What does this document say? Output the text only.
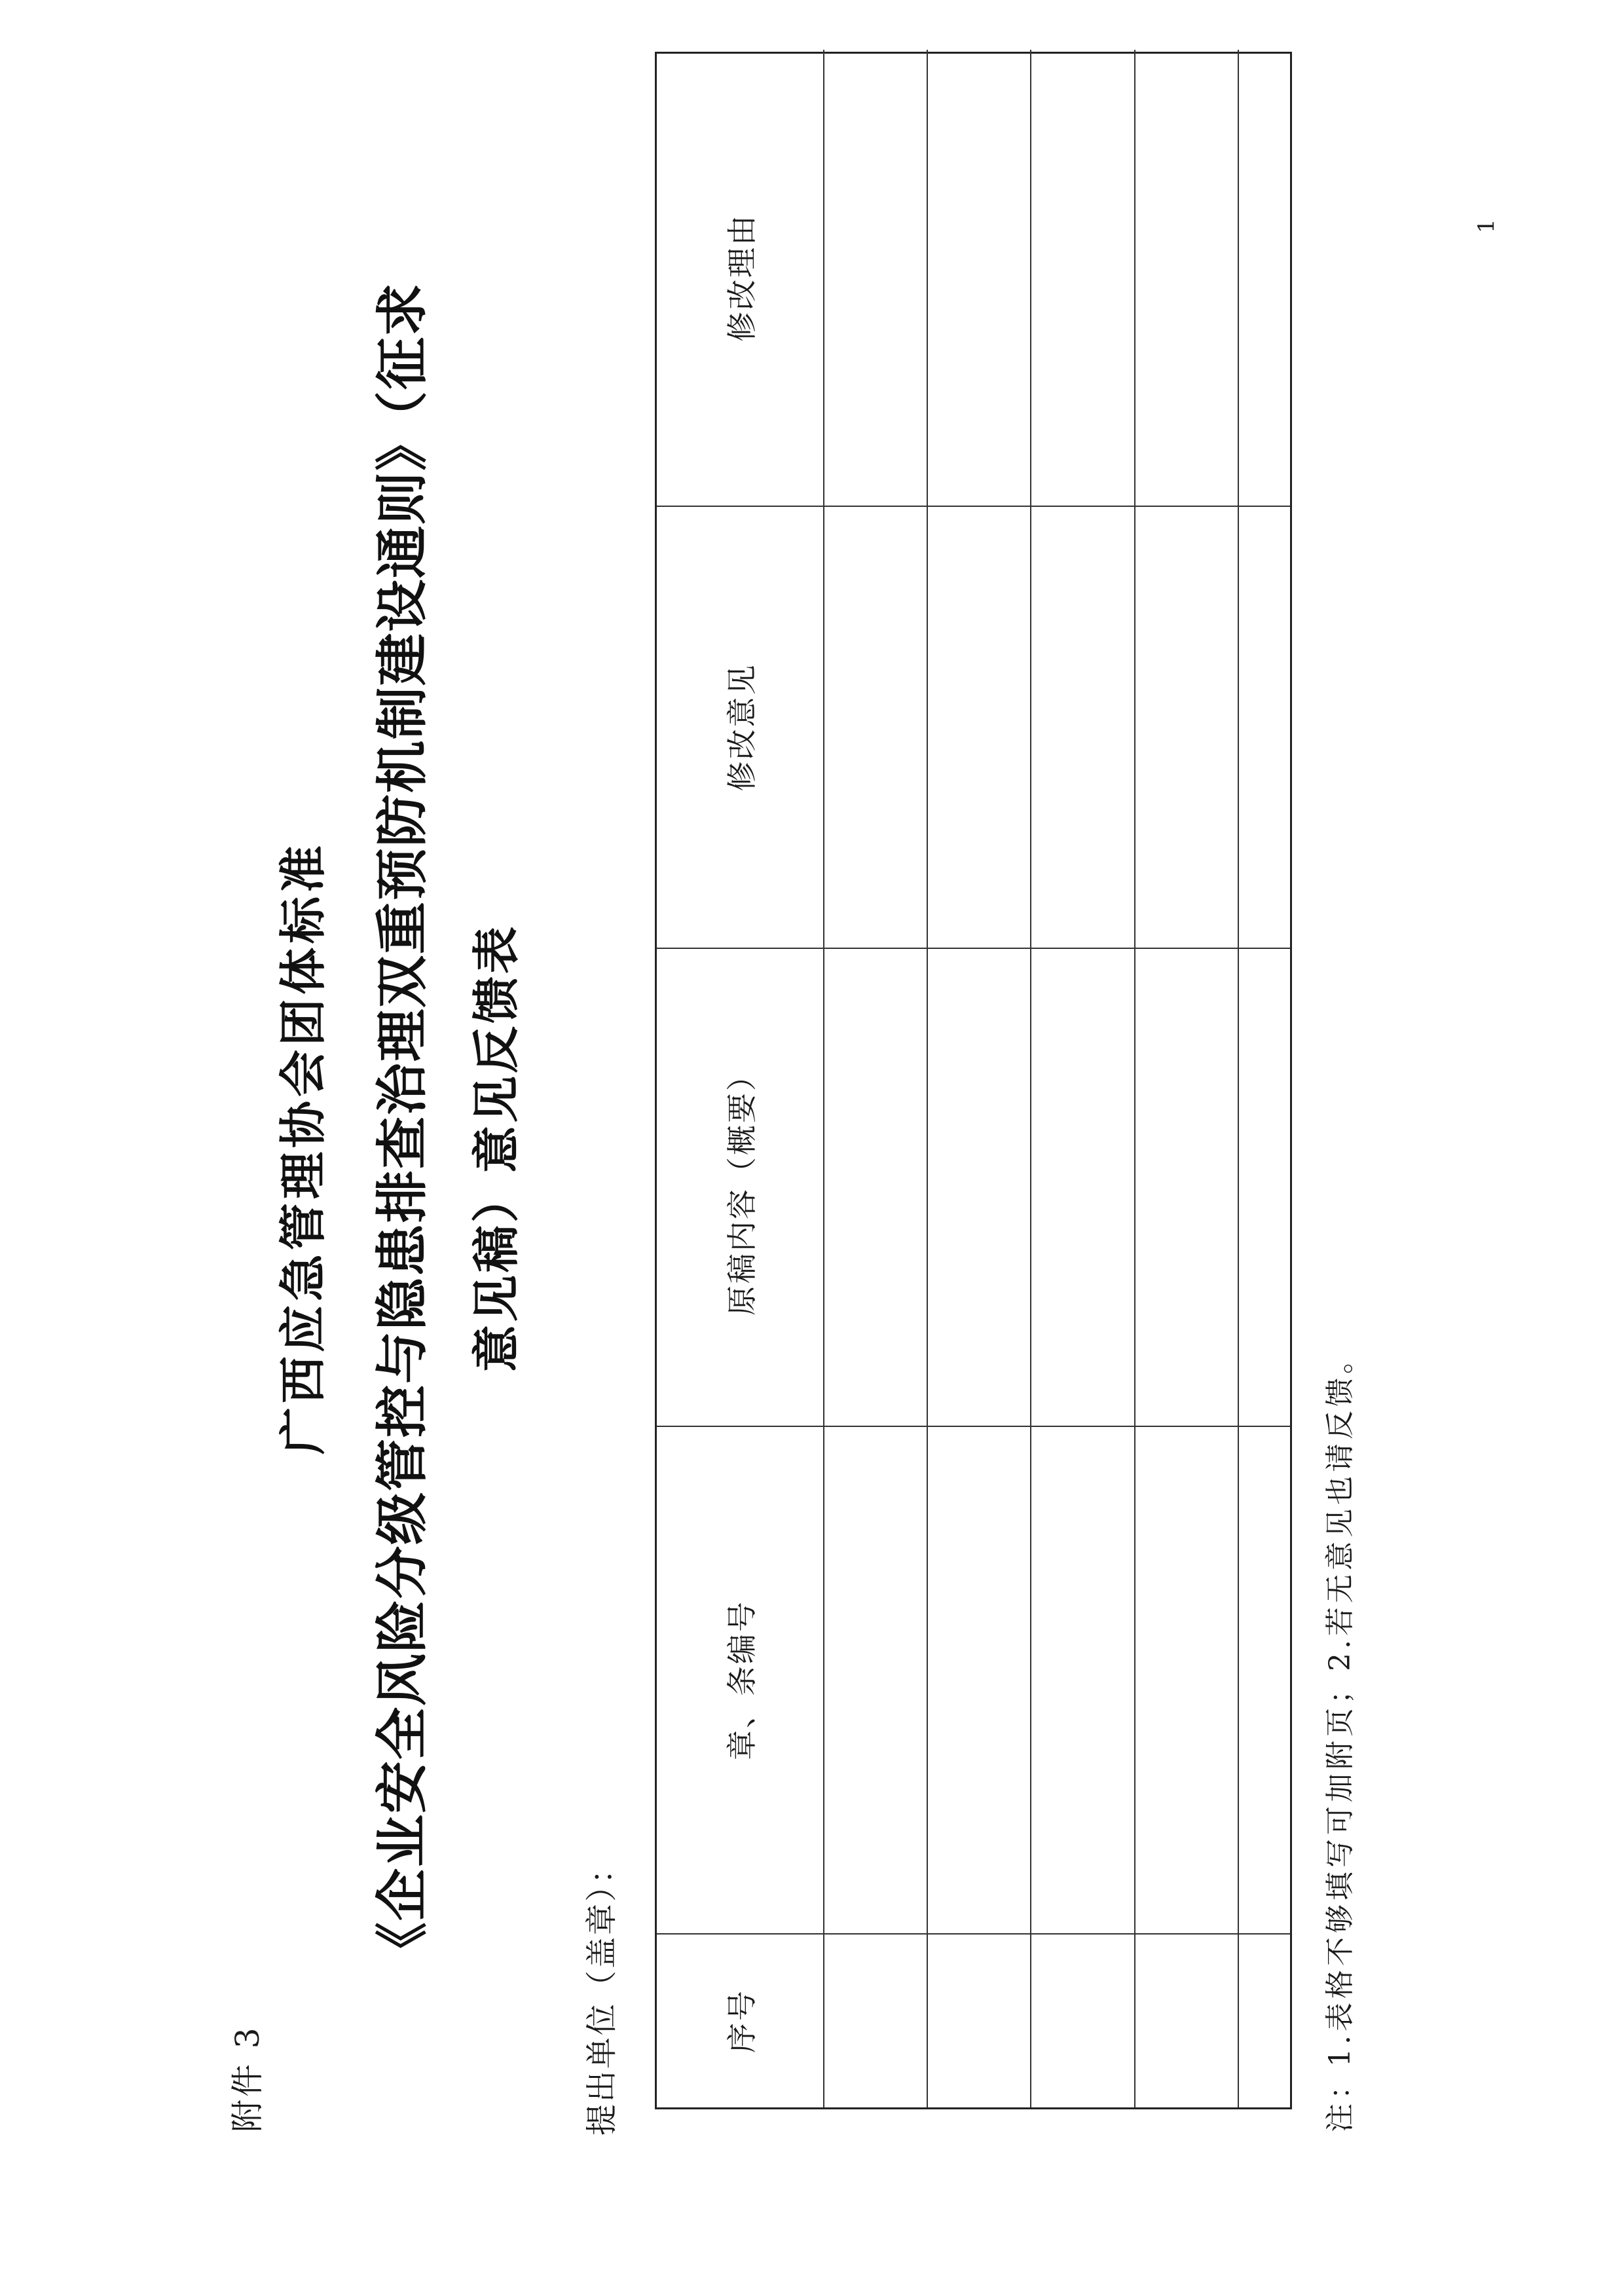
附件 3
广西应急管理协会团体标准 《企业安全风险分级管控与隐患排查治理双重预防机制建设通则》（征求 意见稿）意见反馈表
提出单位（盖章）：	序号	章、条编号	原稿内容（概要）	修改意见	修改理由

注：1.表格不够填写可加附页；2.若无意见也请反馈。
1
